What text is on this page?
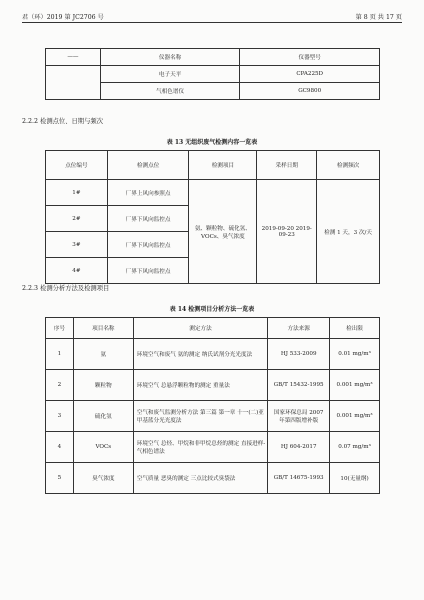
君（环）2019 第 JC2706 号	第 8 页 共 17 页
——	仪器名称	仪器型号
	电子天平	CPA225D
	气相色谱仪	GC9800
2.2.2 检测点位、日期与频次
表 13 无组织废气检测内容一览表
点位编号	检测点位	检测项目	采样日期	检测频次
1#	厂界上风向参照点	氨、颗粒物、硫化氢、VOCs、臭气浓度	2019-09-20 2019-09-23	检测 1 天，3 次/天
2#	厂界下风向监控点			
3#	厂界下风向监控点			
4#	厂界下风向监控点			
2.2.3 检测分析方法及检测项目
表 14 检测项目分析方法一览表
序号	项目名称	测定方法	方法来源	检出限
1	氨	环境空气和废气 氨的测定 纳氏试剂分光光度法	HJ 533-2009	0.01 mg/m³
2	颗粒物	环境空气 总悬浮颗粒物的测定 重量法	GB/T 15432-1995	0.001 mg/m³
3	硫化氢	空气和废气监测分析方法 第三篇 第一章 十一(二)亚甲基蓝分光光度法	国家环保总局 2007 年第四版增补版	0.001 mg/m³
4	VOCs	环境空气 总烃、甲烷和非甲烷总烃的测定 直接进样-气相色谱法	HJ 604-2017	0.07 mg/m³
5	臭气浓度	空气质量 恶臭的测定 三点比较式臭袋法	GB/T 14675-1993	10(无量纲)
